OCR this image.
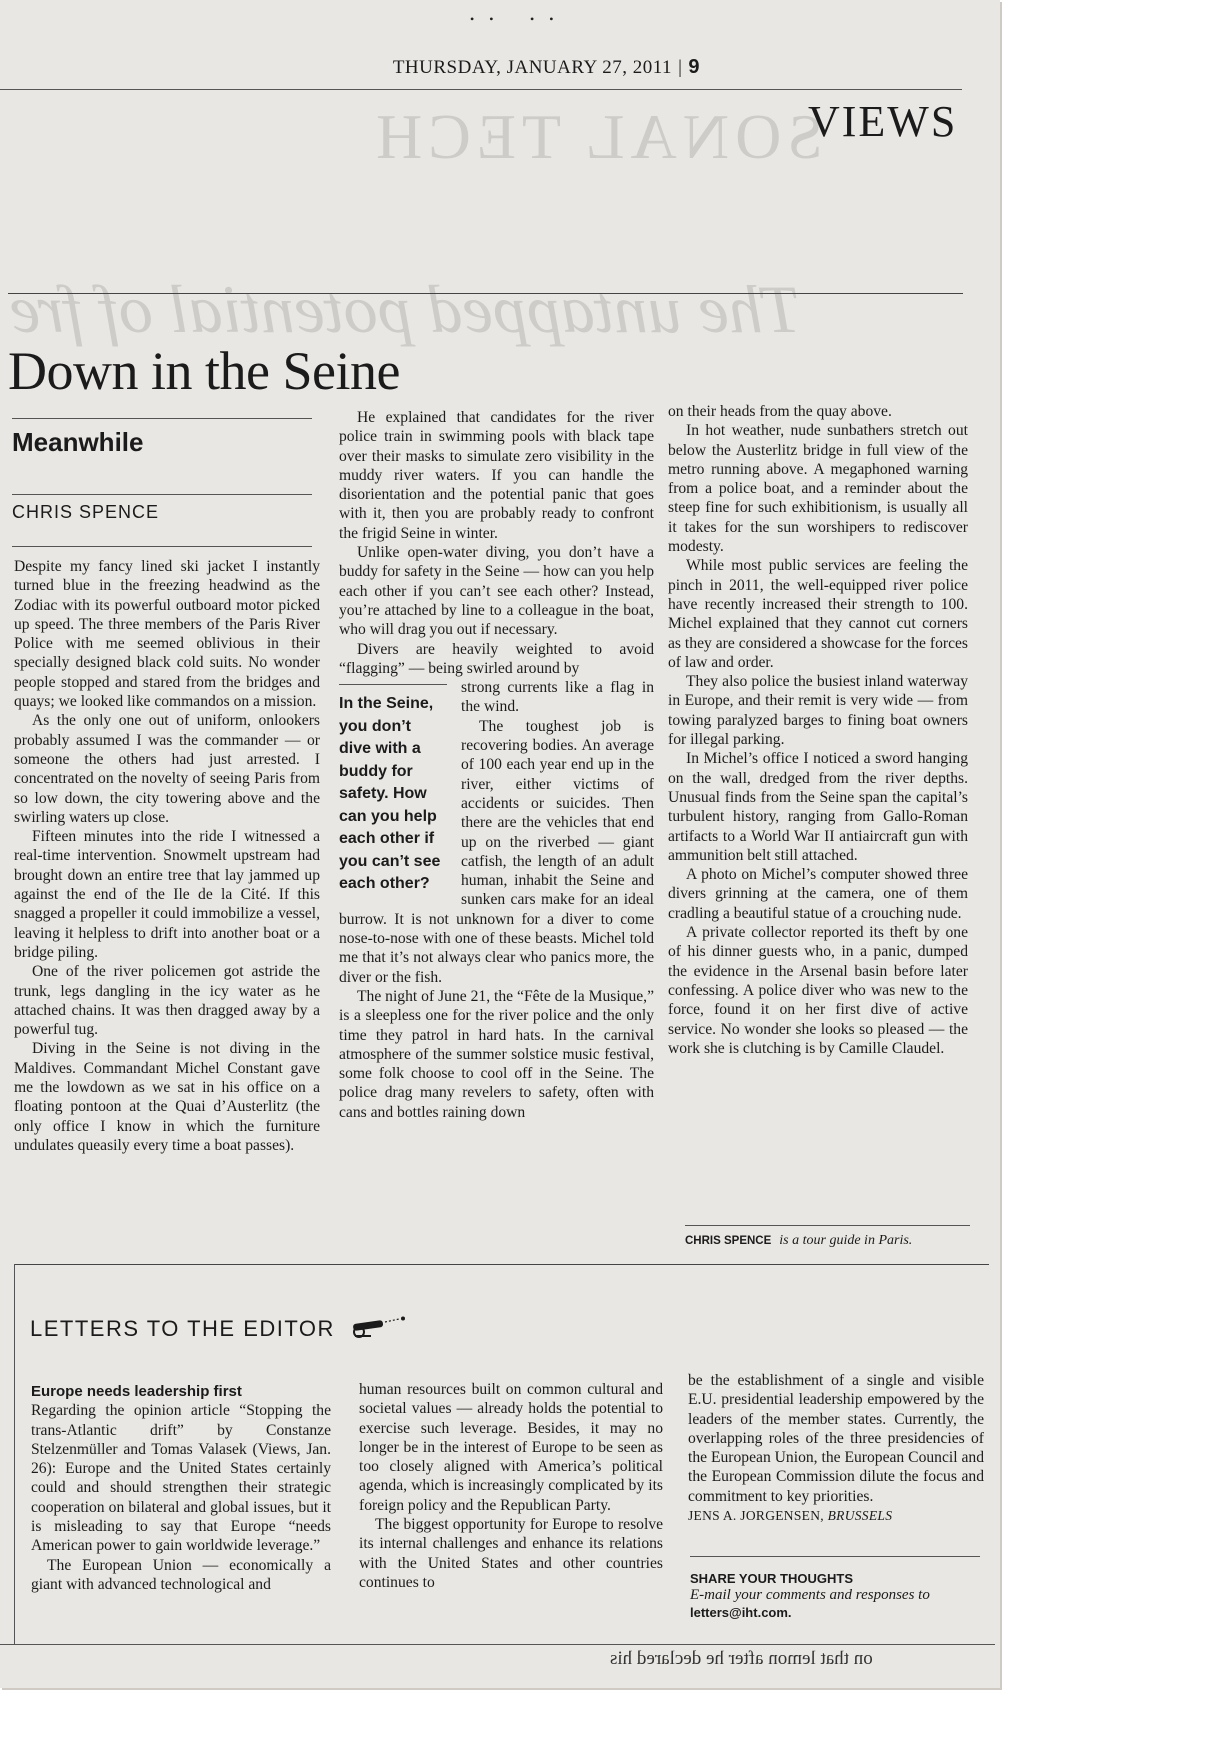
• •	• •
SONAL TECH
The untapped potential of fre
THURSDAY, JANUARY 27, 2011 | 9
VIEWS
Down in the Seine
Meanwhile
CHRIS SPENCE

Despite my fancy lined ski jacket I instantly turned blue in the freezing headwind as the Zodiac with its powerful outboard motor picked up speed. The three members of the Paris River Police with me seemed oblivious in their specially designed black cold suits. No wonder people stopped and stared from the bridges and quays; we looked like commandos on a mission.

As the only one out of uniform, onlookers probably assumed I was the commander — or someone the others had just arrested. I concentrated on the novelty of seeing Paris from so low down, the city towering above and the swirling waters up close.

Fifteen minutes into the ride I witnessed a real-time intervention. Snowmelt upstream had brought down an entire tree that lay jammed up against the end of the Ile de la Cité. If this snagged a propeller it could immobilize a vessel, leaving it helpless to drift into another boat or a bridge piling.

One of the river policemen got astride the trunk, legs dangling in the icy water as he attached chains. It was then dragged away by a powerful tug.

Diving in the Seine is not diving in the Maldives. Commandant Michel Constant gave me the lowdown as we sat in his office on a floating pontoon at the Quai d’Austerlitz (the only office I know in which the furniture undulates queasily every time a boat passes).

He explained that candidates for the river police train in swimming pools with black tape over their masks to simulate zero visibility in the muddy river waters. If you can handle the disorientation and the potential panic that goes with it, then you are probably ready to confront the frigid Seine in winter.

Unlike open-water diving, you don’t have a buddy for safety in the Seine — how can you help each other if you can’t see each other? Instead, you’re attached by line to a colleague in the boat, who will drag you out if necessary.

Divers are heavily weighted to avoid “flagging” — being swirled around by

In the Seine, you don’t dive with a buddy for safety. How can you help each other if you can’t see each other?

strong currents like a flag in the wind.

The toughest job is recovering bodies. An average of 100 each year end up in the river, either victims of accidents or suicides. Then there are the vehicles that end up on the riverbed — giant catfish, the length of an adult human, inhabit the Seine and sunken cars make for an ideal burrow. It is not unknown for a diver to come nose-to-nose with one of these beasts. Michel told me that it’s not always clear who panics more, the diver or the fish.

The night of June 21, the “Fête de la Musique,” is a sleepless one for the river police and the only time they patrol in hard hats. In the carnival atmosphere of the summer solstice music festival, some folk choose to cool off in the Seine. The police drag many revelers to safety, often with cans and bottles raining down

on their heads from the quay above.

In hot weather, nude sunbathers stretch out below the Austerlitz bridge in full view of the metro running above. A megaphoned warning from a police boat, and a reminder about the steep fine for such exhibitionism, is usually all it takes for the sun worshipers to rediscover modesty.

While most public services are feeling the pinch in 2011, the well-equipped river police have recently increased their strength to 100. Michel explained that they cannot cut corners as they are considered a showcase for the forces of law and order.

They also police the busiest inland waterway in Europe, and their remit is very wide — from towing paralyzed barges to fining boat owners for illegal parking.

In Michel’s office I noticed a sword hanging on the wall, dredged from the river depths. Unusual finds from the Seine span the capital’s turbulent history, ranging from Gallo-Roman artifacts to a World War II antiaircraft gun with ammunition belt still attached.

A photo on Michel’s computer showed three divers grinning at the camera, one of them cradling a beautiful statue of a crouching nude.

A private collector reported its theft by one of his dinner guests who, in a panic, dumped the evidence in the Arsenal basin before later confessing. A police diver who was new to the force, found it on her first dive of active service. No wonder she looks so pleased — the work she is clutching is by Camille Claudel.

CHRIS SPENCE is a tour guide in Paris.
LETTERS TO THE EDITOR
Europe needs leadership first

Regarding the opinion article “Stopping the trans-Atlantic drift” by Constanze Stelzenmüller and Tomas Valasek (Views, Jan. 26): Europe and the United States certainly could and should strengthen their strategic cooperation on bilateral and global issues, but it is misleading to say that Europe “needs American power to gain worldwide leverage.”

The European Union — economically a giant with advanced technological and

human resources built on common cultural and societal values — already holds the potential to exercise such leverage. Besides, it may no longer be in the interest of Europe to be seen as too closely aligned with America’s political agenda, which is increasingly complicated by its foreign policy and the Republican Party.

The biggest opportunity for Europe to resolve its internal challenges and enhance its relations with the United States and other countries continues to

be the establishment of a single and visible E.U. presidential leadership empowered by the leaders of the member states. Currently, the overlapping roles of the three presidencies of the European Union, the European Council and the European Commission dilute the focus and commitment to key priorities.

JENS A. JORGENSEN, BRUSSELS

SHARE YOUR THOUGHTS
E-mail your comments and responses to
letters@iht.com.
on that lemon after he declared his
